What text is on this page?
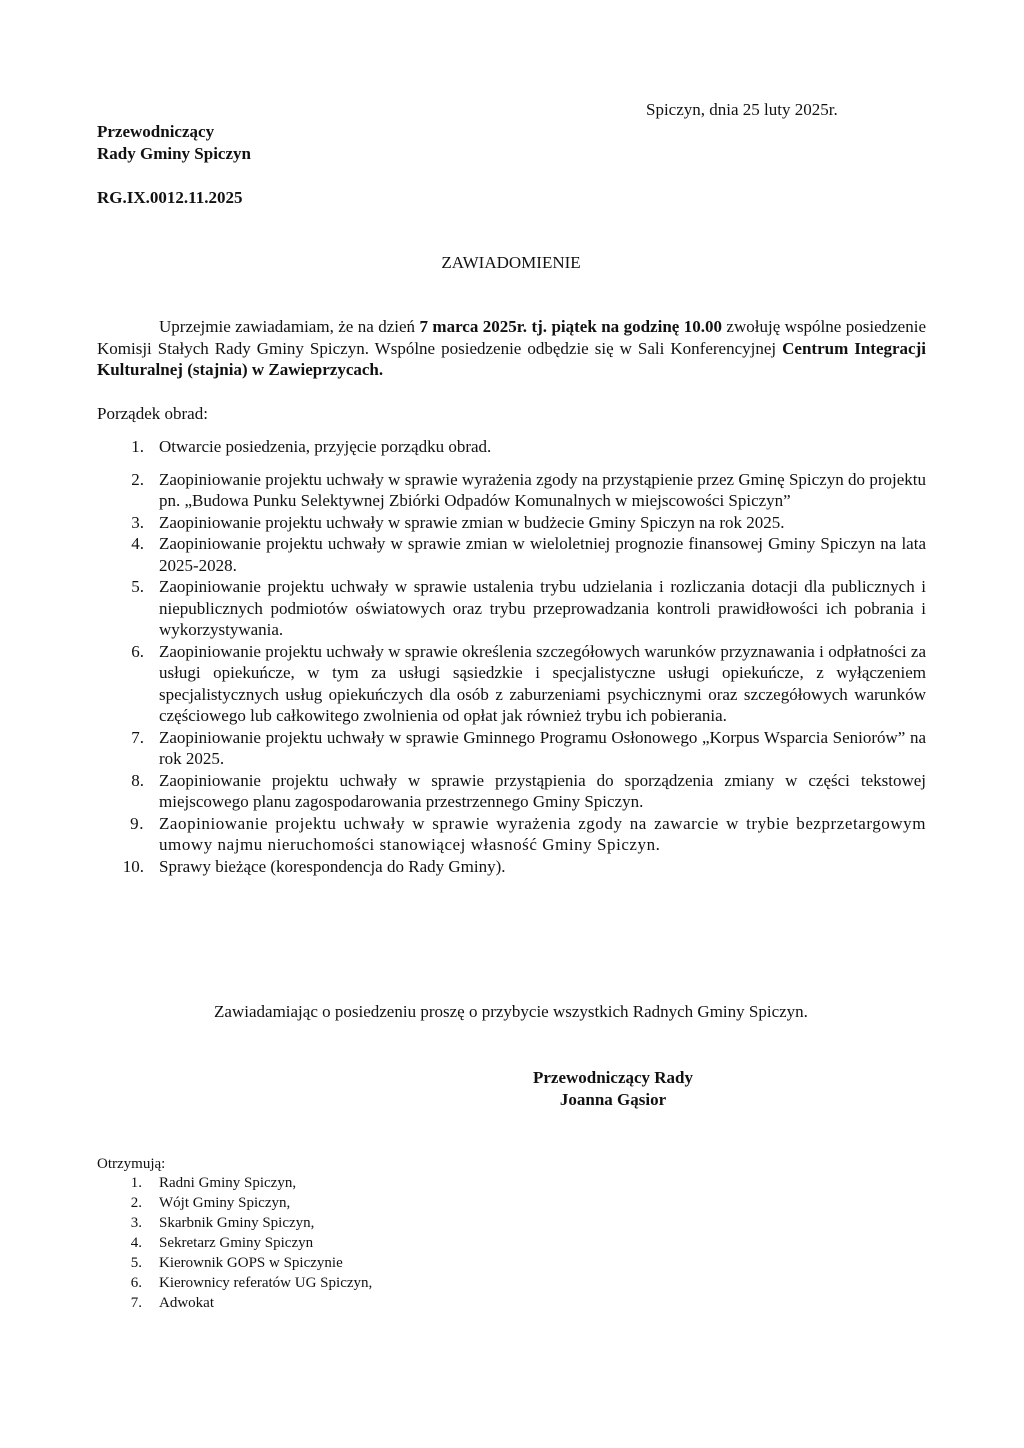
Spiczyn, dnia 25 luty 2025r.
Przewodniczący
Rady Gminy Spiczyn
RG.IX.0012.11.2025
ZAWIADOMIENIE
Uprzejmie zawiadamiam, że na dzień 7 marca 2025r. tj. piątek na godzinę 10.00 zwołuję wspólne posiedzenie Komisji Stałych Rady Gminy Spiczyn. Wspólne posiedzenie odbędzie się w Sali Konferencyjnej Centrum Integracji Kulturalnej (stajnia) w Zawieprzycach.
Porządek obrad:
1. Otwarcie posiedzenia, przyjęcie porządku obrad.
2. Zaopiniowanie projektu uchwały w sprawie wyrażenia zgody na przystąpienie przez Gminę Spiczyn do projektu pn. „Budowa Punku Selektywnej Zbiórki Odpadów Komunalnych w miejscowości Spiczyn”
3. Zaopiniowanie projektu uchwały w sprawie zmian w budżecie Gminy Spiczyn na rok 2025.
4. Zaopiniowanie projektu uchwały w sprawie zmian w wieloletniej prognozie finansowej Gminy Spiczyn na lata 2025-2028.
5. Zaopiniowanie projektu uchwały w sprawie ustalenia trybu udzielania i rozliczania dotacji dla publicznych i niepublicznych podmiotów oświatowych oraz trybu przeprowadzania kontroli prawidłowości ich pobrania i wykorzystywania.
6. Zaopiniowanie projektu uchwały w sprawie określenia szczegółowych warunków przyznawania i odpłatności za usługi opiekuńcze, w tym za usługi sąsiedzkie i specjalistyczne usługi opiekuńcze, z wyłączeniem specjalistycznych usług opiekuńczych dla osób z zaburzeniami psychicznymi oraz szczegółowych warunków częściowego lub całkowitego zwolnienia od opłat jak również trybu ich pobierania.
7. Zaopiniowanie projektu uchwały w sprawie Gminnego Programu Osłonowego „Korpus Wsparcia Seniorów” na rok 2025.
8. Zaopiniowanie projektu uchwały w sprawie przystąpienia do sporządzenia zmiany w części tekstowej miejscowego planu zagospodarowania przestrzennego Gminy Spiczyn.
9. Zaopiniowanie projektu uchwały w sprawie wyrażenia zgody na zawarcie w trybie bezprzetargowym umowy najmu nieruchomości stanowiącej własność Gminy Spiczyn.
10. Sprawy bieżące (korespondencja do Rady Gminy).
Zawiadamiając o posiedzeniu proszę o przybycie wszystkich Radnych Gminy Spiczyn.
Przewodniczący Rady
Joanna Gąsior
Otrzymują:
1. Radni Gminy Spiczyn,
2. Wójt Gminy Spiczyn,
3. Skarbnik Gminy Spiczyn,
4. Sekretarz Gminy Spiczyn
5. Kierownik GOPS w Spiczynie
6. Kierownicy referatów UG Spiczyn,
7. Adwokat
